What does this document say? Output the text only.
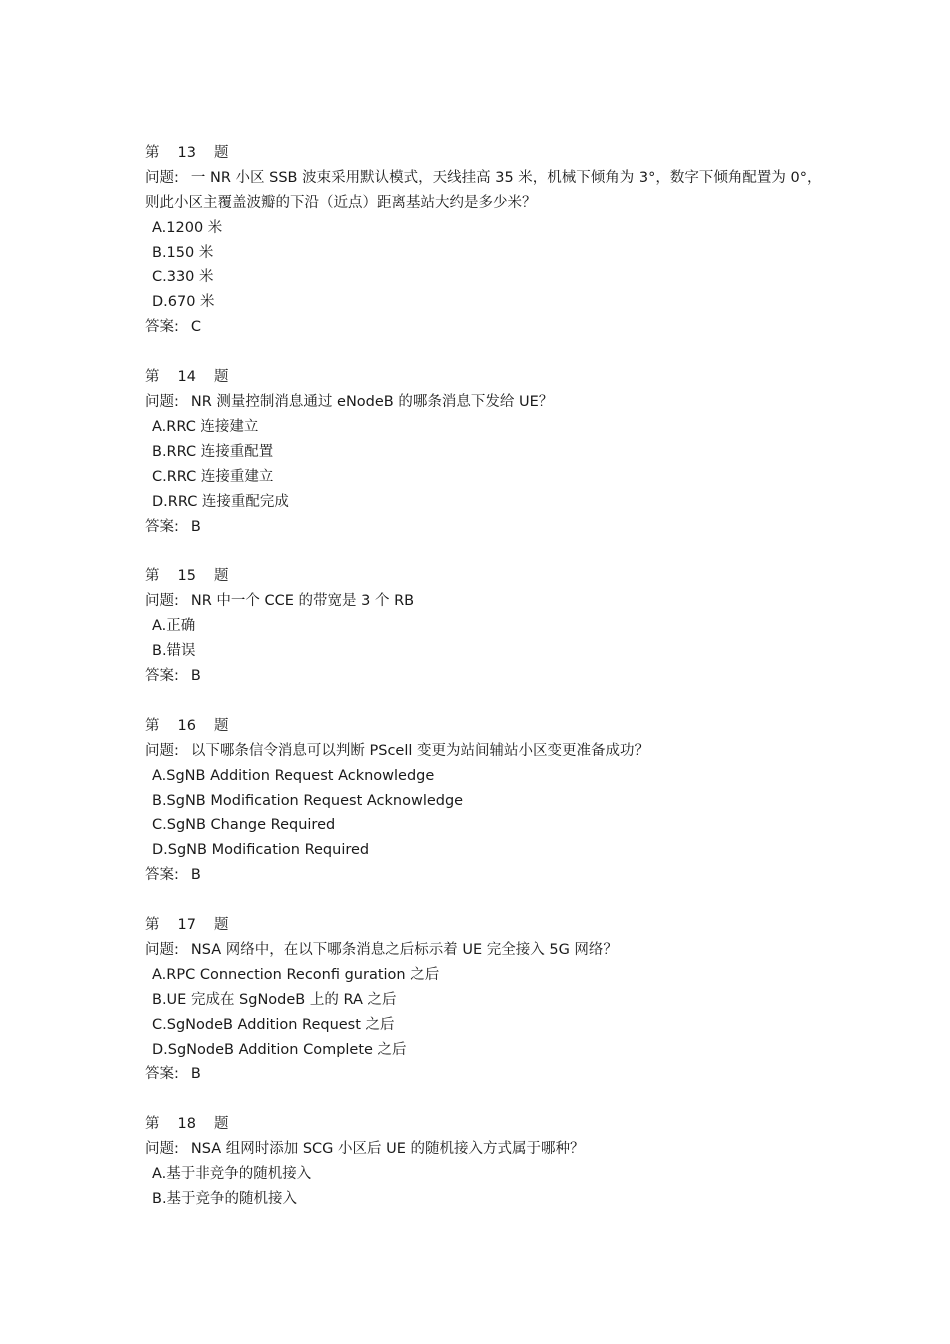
第 13 题
问题: 一 NR 小区 SSB 波束采用默认模式，天线挂高 35 米，机械下倾角为 3°，数字下倾角配置为 0°，则此小区主覆盖波瓣的下沿（近点）距离基站大约是多少米？
A.1200 米
B.150 米
C.330 米
D.670 米
答案: C
第 14 题
问题: NR 测量控制消息通过 eNodeB 的哪条消息下发给 UE？
A.RRC 连接建立
B.RRC 连接重配置
C.RRC 连接重建立
D.RRC 连接重配完成
答案: B
第 15 题
问题: NR 中一个 CCE 的带宽是 3 个 RB
A.正确
B.错误
答案: B
第 16 题
问题: 以下哪条信令消息可以判断 PScell 变更为站间辅站小区变更准备成功？
A.SgNB Addition Request Acknowledge
B.SgNB Modification Request Acknowledge
C.SgNB Change Required
D.SgNB Modification Required
答案: B
第 17 题
问题: NSA 网络中，在以下哪条消息之后标示着 UE 完全接入 5G 网络？
A.RPC Connection Reconfi guration 之后
B.UE 完成在 SgNodeB 上的 RA 之后
C.SgNodeB Addition Request 之后
D.SgNodeB Addition Complete 之后
答案: B
第 18 题
问题: NSA 组网时添加 SCG 小区后 UE 的随机接入方式属于哪种？
A.基于非竞争的随机接入
B.基于竞争的随机接入
